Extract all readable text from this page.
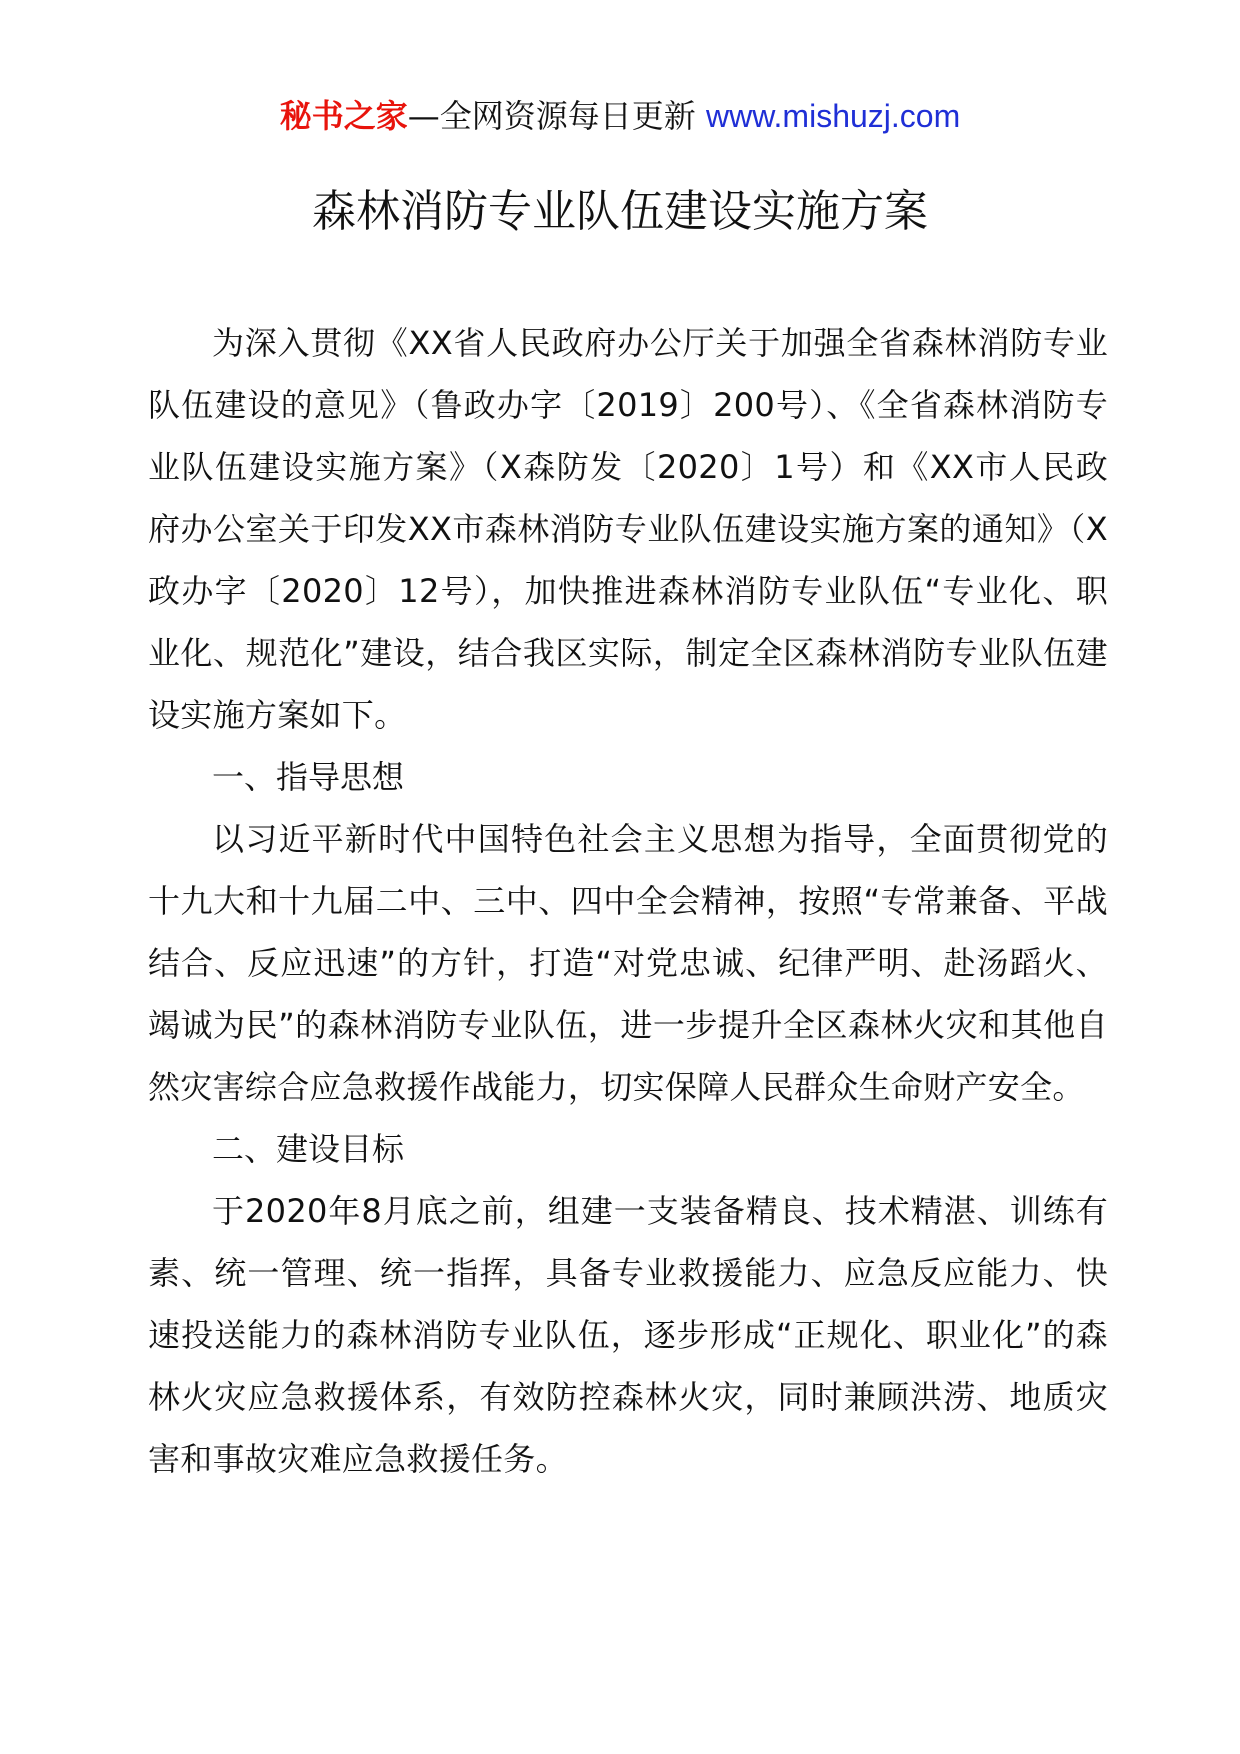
秘书之家—全网资源每日更新 www.mishuzj.com
森林消防专业队伍建设实施方案

为深入贯彻《XX省人民政府办公厅关于加强全省森林消防专业队伍建设的意见》（鲁政办字〔2019〕200号）、《全省森林消防专业队伍建设实施方案》（X森防发〔2020〕1号）和《XX市人民政府办公室关于印发XX市森林消防专业队伍建设实施方案的通知》（X政办字〔2020〕12号），加快推进森林消防专业队伍“专业化、职业化、规范化”建设，结合我区实际，制定全区森林消防专业队伍建设实施方案如下。

一、指导思想

以习近平新时代中国特色社会主义思想为指导，全面贯彻党的十九大和十九届二中、三中、四中全会精神，按照“专常兼备、平战结合、反应迅速”的方针，打造“对党忠诚、纪律严明、赴汤蹈火、竭诚为民”的森林消防专业队伍，进一步提升全区森林火灾和其他自然灾害综合应急救援作战能力，切实保障人民群众生命财产安全。

二、建设目标

于2020年8月底之前，组建一支装备精良、技术精湛、训练有素、统一管理、统一指挥，具备专业救援能力、应急反应能力、快速投送能力的森林消防专业队伍，逐步形成“正规化、职业化”的森林火灾应急救援体系，有效防控森林火灾，同时兼顾洪涝、地质灾害和事故灾难应急救援任务。
